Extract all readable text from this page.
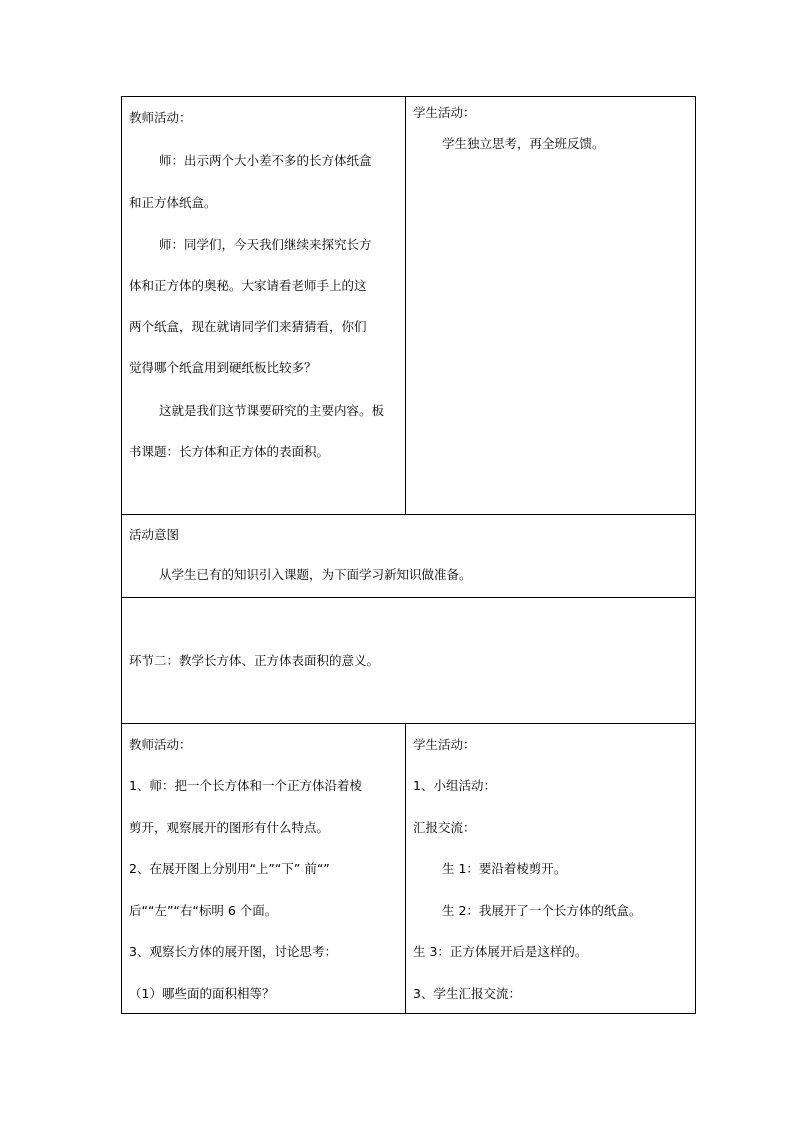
教师活动：
师：出示两个大小差不多的长方体纸盒
和正方体纸盒。
师：同学们，今天我们继续来探究长方
体和正方体的奥秘。大家请看老师手上的这
两个纸盒，现在就请同学们来猜猜看，你们
觉得哪个纸盒用到硬纸板比较多？
这就是我们这节课要研究的主要内容。板
书课题：长方体和正方体的表面积。
学生活动：
学生独立思考，再全班反馈。
活动意图
从学生已有的知识引入课题，为下面学习新知识做准备。
环节二：教学长方体、正方体表面积的意义。
教师活动：
1、师：把一个长方体和一个正方体沿着棱
剪开，观察展开的图形有什么特点。
2、在展开图上分别用“上”“下” 前“”
后““左”“右“标明 6 个面。
3、观察长方体的展开图，讨论思考：
（1）哪些面的面积相等？
学生活动：
1、小组活动：
汇报交流：
生 1：要沿着棱剪开。
生 2：我展开了一个长方体的纸盒。
生 3：正方体展开后是这样的。
3、学生汇报交流：
